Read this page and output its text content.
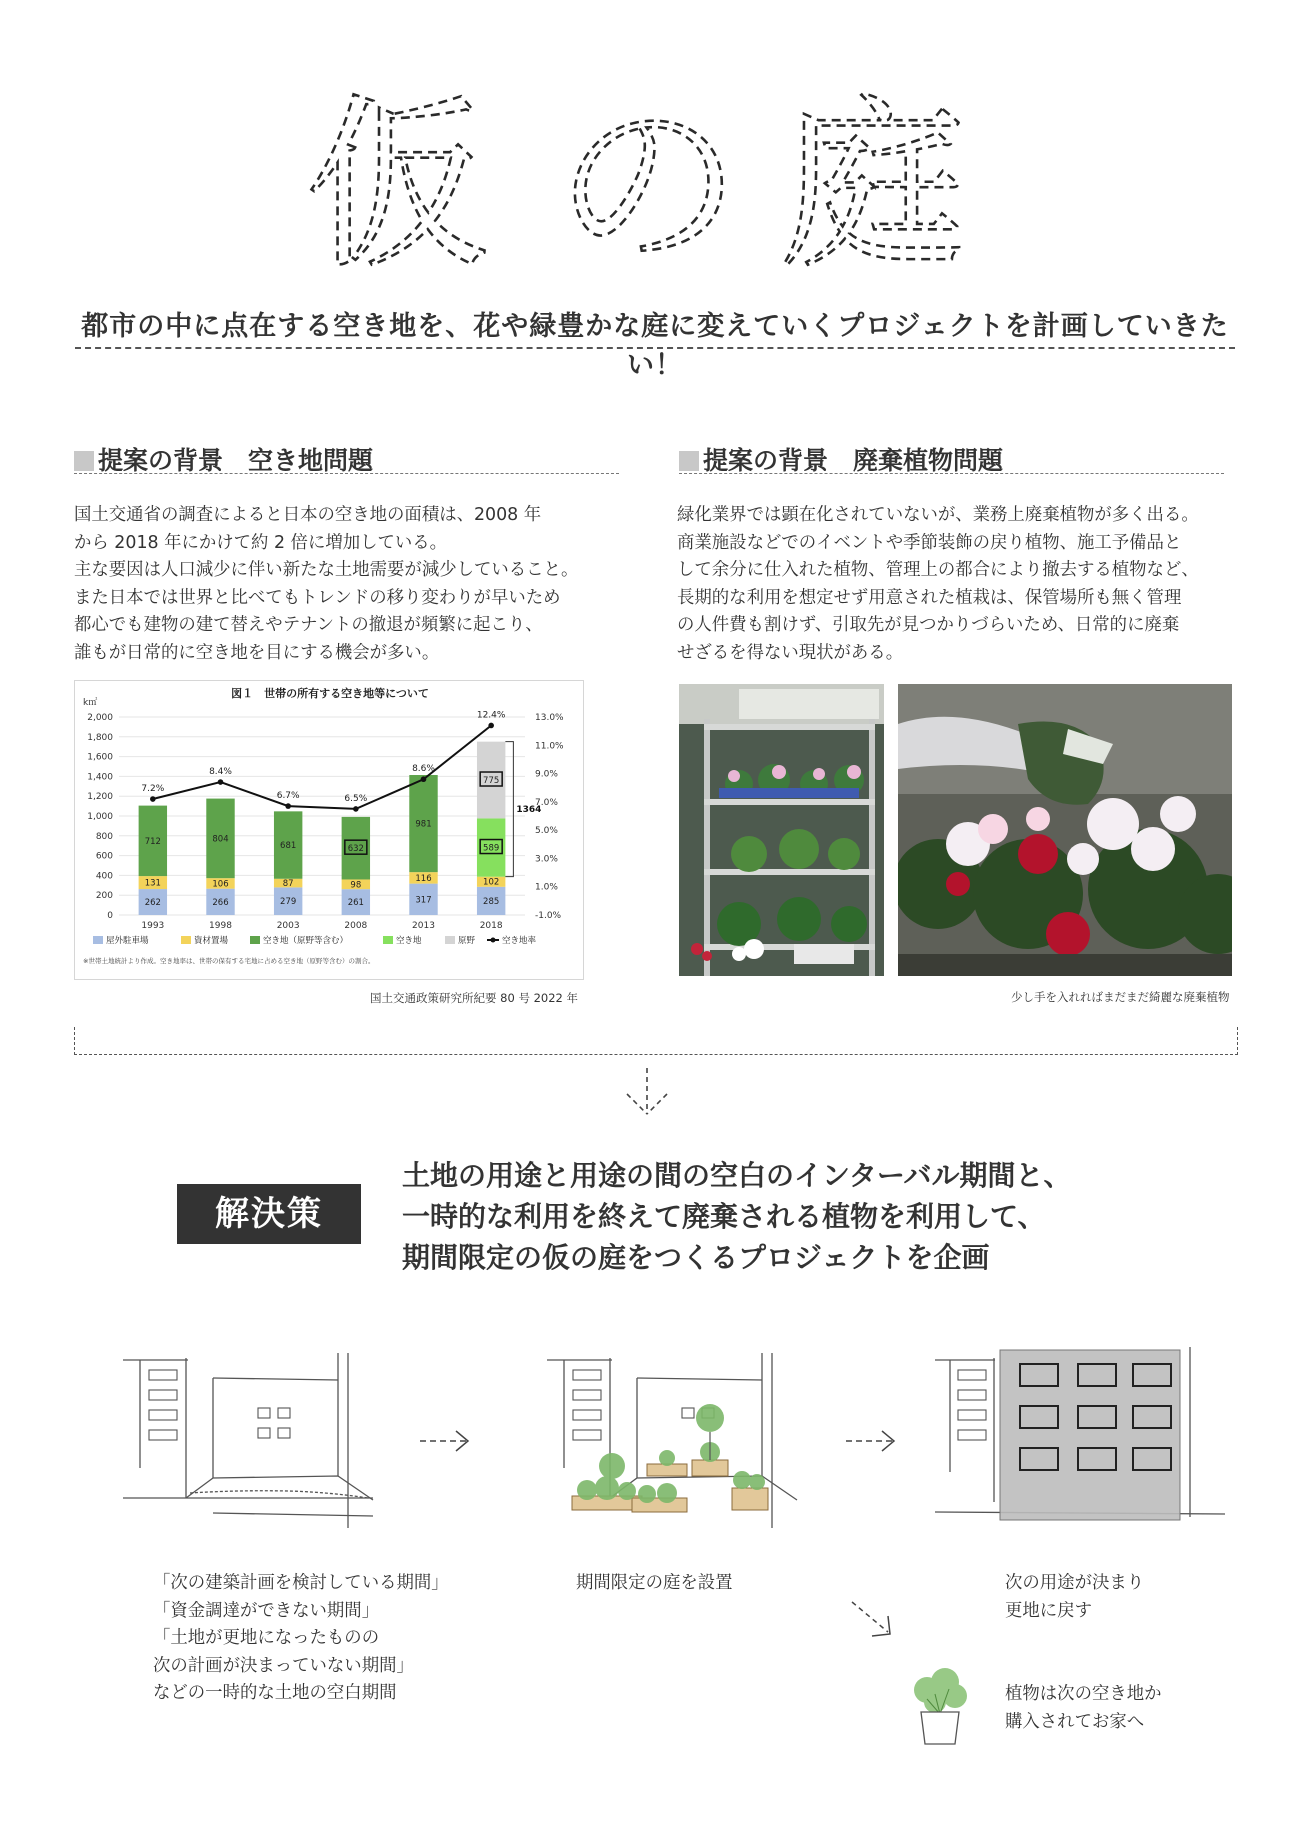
仮 の 庭
都市の中に点在する空き地を、花や緑豊かな庭に変えていくプロジェクトを計画していきたい！
提案の背景　空き地問題
国土交通省の調査によると日本の空き地の面積は、2008 年
から 2018 年にかけて約 2 倍に増加している。
主な要因は人口減少に伴い新たな土地需要が減少していること。
また日本では世界と比べてもトレンドの移り変わりが早いため
都心でも建物の建て替えやテナントの撤退が頻繁に起こり、
誰もが日常的に空き地を目にする機会が多い。
提案の背景　廃棄植物問題
緑化業界では顕在化されていないが、業務上廃棄植物が多く出る。
商業施設などでのイベントや季節装飾の戻り植物、施工予備品と
して余分に仕入れた植物、管理上の都合により撤去する植物など、
長期的な利用を想定せず用意された植栽は、保管場所も無く管理
の人件費も割けず、引取先が見つかりづらいため、日常的に廃棄
せざるを得ない現状がある。
図１　世帯の所有する空き地等について
k㎡
2,000
1,800
1,600
1,400
1,200
1,000
800
600
400
200
0
13.0%
11.0%
9.0%
7.0%
5.0%
3.0%
1.0%
-1.0%
262
131
712
1993
266
106
804
1998
279
87
681
2003
261
98
632
2008
317
116
981
2013
285
102
589
775
2018
1364
7.2%
8.4%
6.7%	6.5%
8.6%
12.4%
屋外駐車場	資材置場	空き地（原野等含む）	空き地	原野	空き地率
※世帯土地統計より作成。空き地率は、世帯の保有する宅地に占める空き地（原野等含む）の割合。
国土交通政策研究所紀要 80 号 2022 年	少し手を入れればまだまだ綺麗な廃棄植物
解決策
土地の用途と用途の間の空白のインターバル期間と、
一時的な利用を終えて廃棄される植物を利用して、
期間限定の仮の庭をつくるプロジェクトを企画
「次の建築計画を検討している期間」
「資金調達ができない期間」
「土地が更地になったものの
次の計画が決まっていない期間」
などの一時的な土地の空白期間
期間限定の庭を設置	次の用途が決まり
更地に戻す
植物は次の空き地か
購入されてお家へ
